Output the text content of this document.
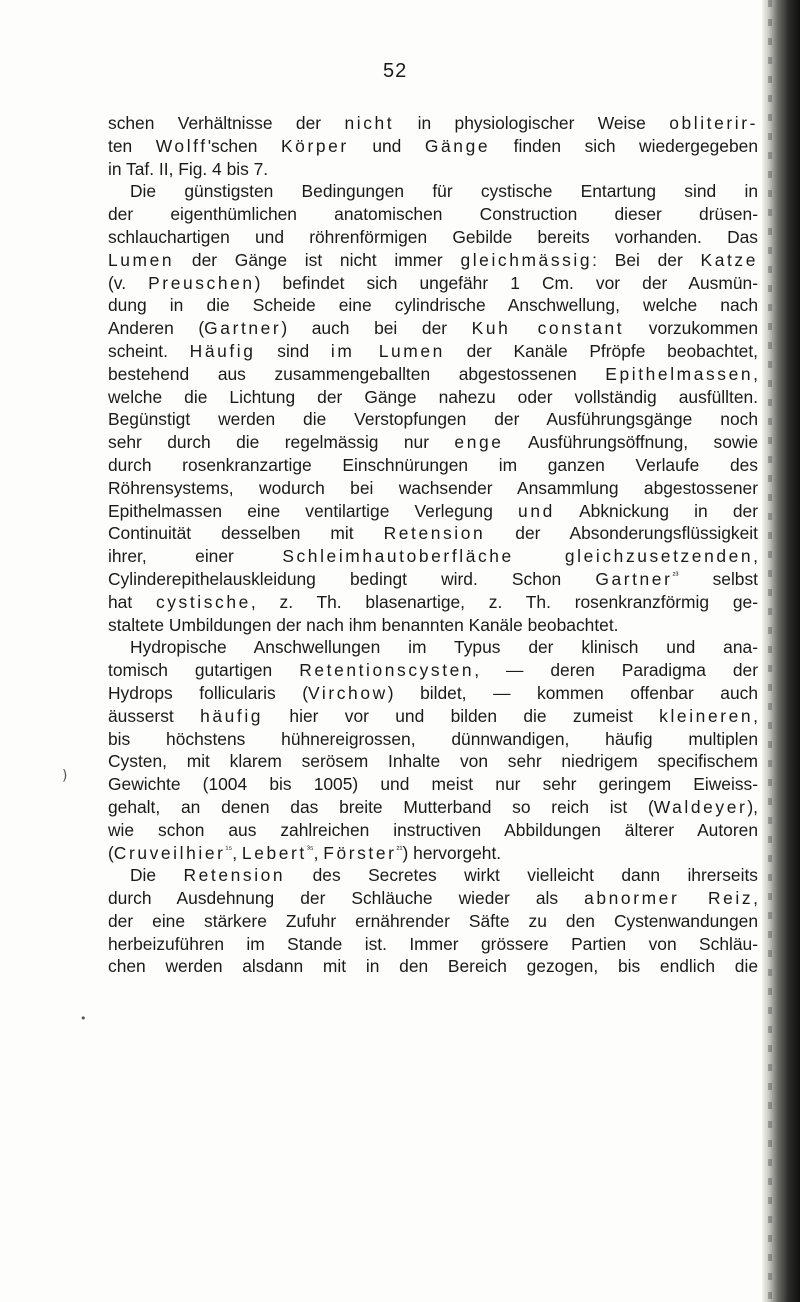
52
schen Verhältnisse der nicht in physiologischer Weise obliterir-
ten Wolff'schen Körper und Gänge finden sich wiedergegeben
in Taf. II, Fig. 4 bis 7.
Die günstigsten Bedingungen für cystische Entartung sind in
der eigenthümlichen anatomischen Construction dieser drüsen-
schlauchartigen und röhrenförmigen Gebilde bereits vorhanden. Das
Lumen der Gänge ist nicht immer gleichmässig: Bei der Katze
(v. Preuschen) befindet sich ungefähr 1 Cm. vor der Ausmün-
dung in die Scheide eine cylindrische Anschwellung, welche nach
Anderen (Gartner) auch bei der Kuh constant vorzukommen
scheint. Häufig sind im Lumen der Kanäle Pfröpfe beobachtet,
bestehend aus zusammengeballten abgestossenen Epithelmassen,
welche die Lichtung der Gänge nahezu oder vollständig ausfüllten.
Begünstigt werden die Verstopfungen der Ausführungsgänge noch
sehr durch die regelmässig nur enge Ausführungsöffnung, sowie
durch rosenkranzartige Einschnürungen im ganzen Verlaufe des
Röhrensystems, wodurch bei wachsender Ansammlung abgestossener
Epithelmassen eine ventilartige Verlegung und Abknickung in der
Continuität desselben mit Retension der Absonderungsflüssigkeit
ihrer, einer Schleimhautoberfläche gleichzusetzenden,
Cylinderepithelauskleidung bedingt wird. Schon Gartner$^{^{23}}$ selbst
hat cystische, z. Th. blasenartige, z. Th. rosenkranzförmig ge-
staltete Umbildungen der nach ihm benannten Kanäle beobachtet.
Hydropische Anschwellungen im Typus der klinisch und ana-
tomisch gutartigen Retentionscysten, — deren Paradigma der
Hydrops follicularis (Virchow) bildet, — kommen offenbar auch
äusserst häufig hier vor und bilden die zumeist kleineren,
bis höchstens hühnereigrossen, dünnwandigen, häufig multiplen
Cysten, mit klarem serösem Inhalte von sehr niedrigem specifischem
Gewichte (1004 bis 1005) und meist nur sehr geringem Eiweiss-
gehalt, an denen das breite Mutterband so reich ist (Waldeyer),
wie schon aus zahlreichen instructiven Abbildungen älterer Autoren
(Cruveilhier$^{^{15}}$, Lebert$^{^{35}}$, Förster$^{^{21}}$) hervorgeht.
Die Retension des Secretes wirkt vielleicht dann ihrerseits
durch Ausdehnung der Schläuche wieder als abnormer Reiz,
der eine stärkere Zufuhr ernährender Säfte zu den Cystenwandungen
herbeizuführen im Stande ist. Immer grössere Partien von Schläu-
chen werden alsdann mit in den Bereich gezogen, bis endlich die
)
•
